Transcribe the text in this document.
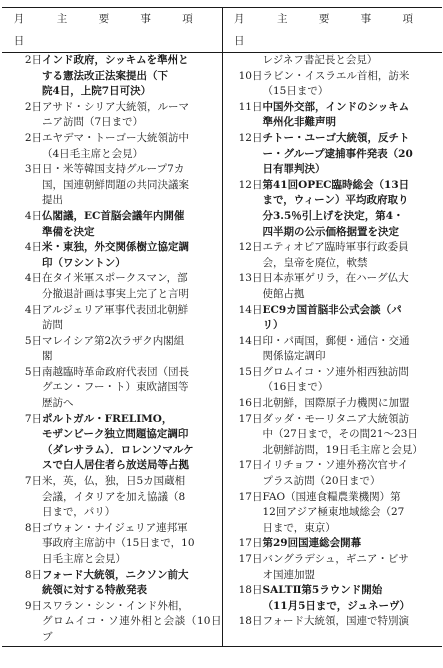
月 日	主 要 事 項	月 日	主 要 事 項

2日	インド政府，シッキムを準州と
する憲法改正法案提出（下
院4日，上院7日可決）
2日	アサド・シリア大統領，ルーマ
ニア訪問（7日まで）
2日	エヤデマ・トーゴー大統領訪中
（4日毛主席と会見）
3日	日・米等韓国支持グループ7カ
国，国連朝鮮問題の共同決議案
提出
4日	仏閣議，EC首脳会議年内開催
準備を決定
4日	米・東独，外交関係樹立協定調
印（ワシントン）
4日	在タイ米軍スポークスマン，部
分撤退計画は事実上完了と言明
4日	アルジェリア軍事代表団北朝鮮
訪問
5日	マレイシア第2次ラザク内閣組
閣
5日	南越臨時革命政府代表団（団長
グエン・フー・ト）東欧諸国等
歴訪へ
7日	ポルトガル・FRELIMO，
モザンビーク独立問題協定調印
（ダレサラム）．ロレンソマルケ
スで白人居住者ら放送局等占拠
7日	米，英，仏，独，日5カ国蔵相
会議，イタリアを加え協議（8
日まで，パリ）
8日	ゴウォン・ナイジェリア連邦軍
事政府主席訪中（15日まで，10
日毛主席と会見）
8日	フォード大統領，ニクソン前大
統領に対する特赦発表
9日	スワラン・シン・インド外相，
グロムイコ・ソ連外相と会談（10日ブ

	レジネフ書記長と会見）
10日	ラビン・イスラエル首相，訪米
（15日まで）
11日	中国外交部，インドのシッキム
準州化非難声明
12日	チトー・ユーゴ大統領，反チト
ー・グループ逮捕事件発表（20
日有罪判決）
12日	第41回OPEC臨時総会（13日
まで，ウィーン）平均政府取り
分3.5％引上げを決定，第4・
四半期の公示価格据置を決定
12日	エティオピア臨時軍事行政委員
会，皇帝を廃位，軟禁
13日	日本赤軍ゲリラ，在ハーグ仏大
使館占拠
14日	EC9カ国首脳非公式会談（パ
リ）
14日	印・パ両国，郵便・通信・交通
関係協定調印
15日	グロムイコ・ソ連外相西独訪問
（16日まで）
16日	北朝鮮，国際原子力機関に加盟
17日	ダッダ・モーリタニア大統領訪
中（27日まで，その間21～23日
北朝鮮訪問，19日毛主席と会見）
17日	イリチョフ・ソ連外務次官サイ
プラス訪問（20日まで）
17日	FAO（国連食糧農業機関）第
12回アジア極東地域総会（27
日まで，東京）
17日	第29回国連総会開幕
17日	バングラデシュ，ギニア・ビサ
オ国連加盟
18日	SALTⅡ第5ラウンド開始
（11月5日まで，ジュネーヴ）
18日	フォード大統領，国連で特別演
